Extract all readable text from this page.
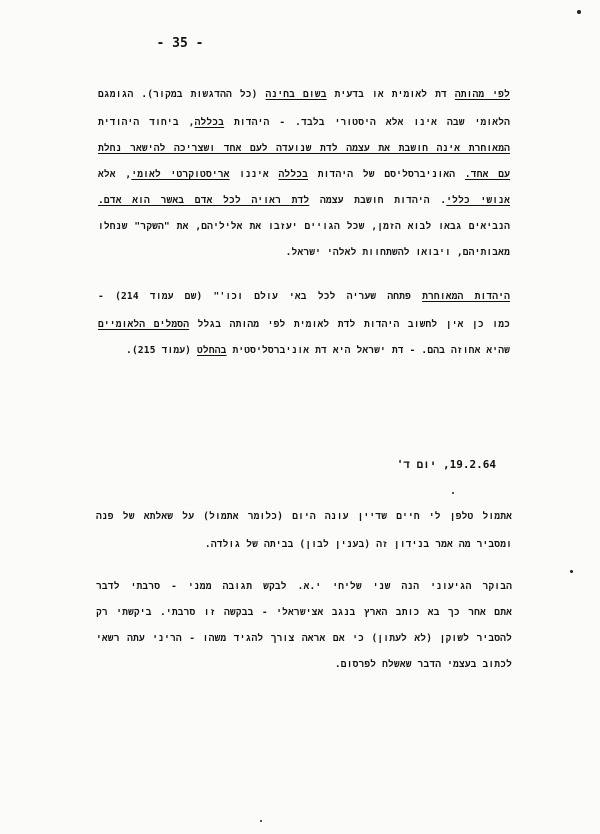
- 35 -
לפי מהותה דת לאומית או בדעית בשום בחינה (כל ההדגשות במקור). הגומגם
הלאומי שבה אינו אלא היסטורי בלבד. - היהדות בכללה, ביחוד היהודית
המאוחרת אינה חושבת את עצמה לדת שנועדה לעם אחד ושצריכה להישאר נחלת
עם אחד. האוניברסליסם של היהדות בכללה איננו אריסטוקרטי לאומי, אלא
אנושי כללי. היהדות חושבת עצמה לדת ראויה לכל אדם באשר הוא אדם.
הנביאים גבאו לבוא הזמן, שכל הגויים יעזבו את אליליהם, את "השקר" שנחלו
מאבותיהם, ויבואו להשתחוות לאלהי ישראל.
היהדות המאוחרת פתחה שעריה לכל באי עולם וכו'" (שם עמוד 214) -
כמו כן אין לחשוב היהדות לדת לאומית לפי מהותה בגלל הסמלים הלאומיים
שהיא אחוזה בהם. - דת ישראל היא דת אוניברסליסטית בהחלט (עמוד 215).
19.2.64, יום ד'
אתמול טלפן לי חיים שדיין עונה היום (כלומר אתמול) על שאלתא של פנה
ומסביר מה אמר בנידון זה (בענין לבון) בביתה של גולדה.
הבוקר הגיעוני הנה שני שליחי י.א. לבקש תגובה ממני - סרבתי לדבר
אתם אחר כך בא כותב הארץ בנגב אצישראלי - בבקשה זו סרבתי. ביקשתי רק
להסביר לשוקן (לא לעתון) כי אם אראה צורך להגיד משהו - הריני עתה רשאי
לכתוב בעצמי הדבר שאשלח לפרסום.
